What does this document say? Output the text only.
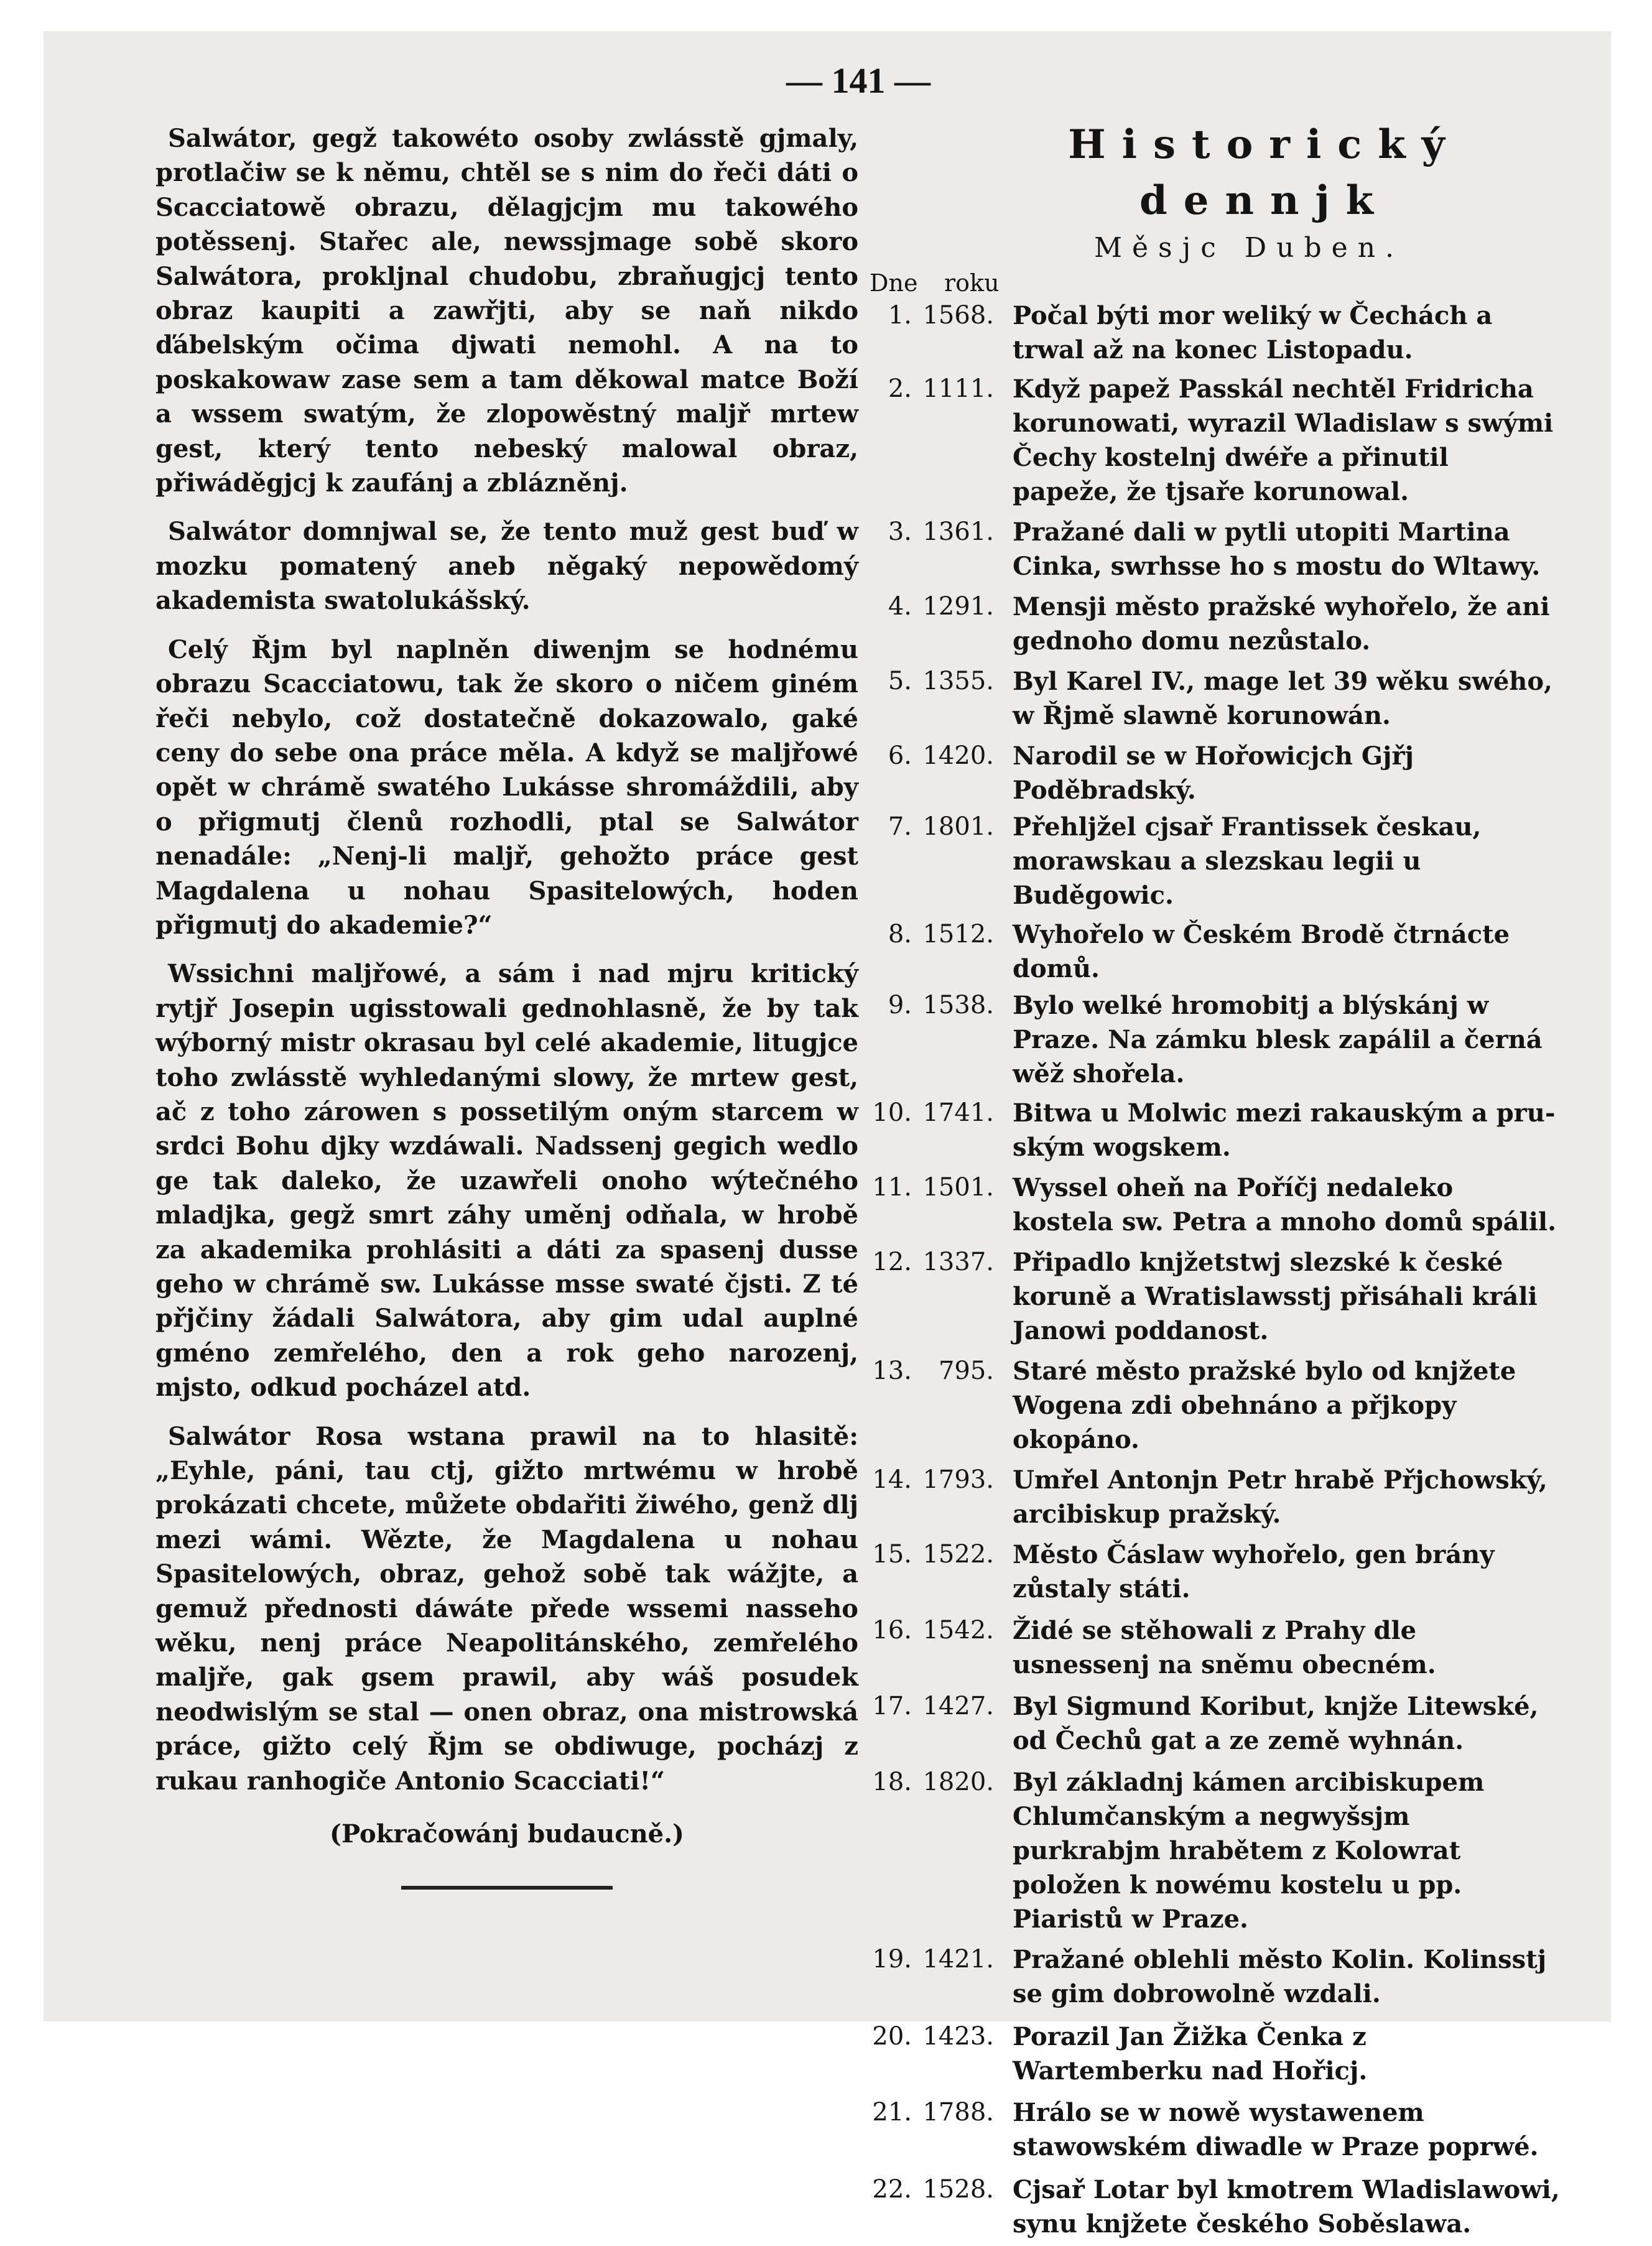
— 141 —

Salwátor, gegž takowéto osoby zwlásstě gjmaly, protlačiw se k němu, chtěl se s nim do řeči dáti o Scacciatowě obrazu, dělagjcjm mu takowého potěssenj. Stařec ale, newssjmage sobě skoro Salwátora, prokljnal chudobu, zbraňugjcj tento obraz kaupiti a zawřjti, aby se naň nikdo ďábelským očima djwati nemohl. A na to poskakowaw zase sem a tam děkowal matce Boží a wssem swatým, že zlopowěstný maljř mrtew gest, který tento nebeský malowal obraz, přiwáděgjcj k zaufánj a zblázněnj.

Salwátor domnjwal se, že tento muž gest buď w mozku pomatený aneb něgaký nepowědomý akademista swatolukášský.

Celý Řjm byl naplněn diwenjm se hodnému obrazu Scacciatowu, tak že skoro o ničem giném řeči nebylo, což dostatečně dokazowalo, gaké ceny do sebe ona práce měla. A když se maljřowé opět w chrámě swatého Lukásse shromáždili, aby o přigmutj členů rozhodli, ptal se Salwátor nenadále: „Nenj-li maljř, gehožto práce gest Magdalena u nohau Spasitelowých, hoden přigmutj do akademie?“

Wssichni maljřowé, a sám i nad mjru kritický rytjř Josepin ugisstowali gednohlasně, že by tak wýborný mistr okrasau byl celé akademie, litugjce toho zwlásstě wyhledanými slowy, že mrtew gest, ač z toho zárowen s possetilým oným starcem w srdci Bohu djky wzdáwali. Nadssenj gegich wedlo ge tak daleko, že uzawřeli onoho wýtečného mladjka, gegž smrt záhy uměnj odňala, w hrobě za akademika prohlásiti a dáti za spasenj dusse geho w chrámě sw. Lukásse msse swaté čjsti. Z té přjčiny žádali Salwátora, aby gim udal auplné gméno zemřelého, den a rok geho narozenj, mjsto, odkud pocházel atd.

Salwátor Rosa wstana prawil na to hlasitě: „Eyhle, páni, tau ctj, gižto mrtwému w hrobě prokázati chcete, můžete obdařiti žiwého, genž dlj mezi wámi. Wězte, že Magdalena u nohau Spasitelowých, obraz, gehož sobě tak wážjte, a gemuž přednosti dáwáte přede wssemi nasseho wěku, nenj práce Neapolitánského, zemřelého maljře, gak gsem prawil, aby wáš posudek neodwislým se stal — onen obraz, ona mistrowská práce, gižto celý Řjm se obdiwuge, pocházj z rukau ranhogiče Antonio Scacciati!“

(Pokračowánj budaucně.)
Historický dennjk
Měsjc Duben.
Dne roku
1. 1568. Počal býti mor weliký w Čechách a trwal až na konec Listopadu.
2. 1111. Když papež Passkál nechtěl Fridricha korunowati, wyrazil Wladislaw s swými Čechy kostelnj dwéře a přinutil papeže, že tjsaře korunowal.
3. 1361. Pražané dali w pytli utopiti Martina Cinka, swrhsse ho s mostu do Wltawy.
4. 1291. Mensji město pražské wyhořelo, že ani gednoho domu nezůstalo.
5. 1355. Byl Karel IV., mage let 39 wěku swého, w Řjmě slawně korunowán.
6. 1420. Narodil se w Hořowicjch Gjřj Poděbradský.
7. 1801. Přehljžel cjsař Frantissek českau, morawskau a slezskau legii u Buděgowic.
8. 1512. Wyhořelo w Českém Brodě čtrnácte domů.
9. 1538. Bylo welké hromobitj a blýskánj w Praze. Na zámku blesk zapálil a černá wěž shořela.
10. 1741. Bitwa u Molwic mezi rakauským a pruským wogskem.
11. 1501. Wyssel oheň na Poříčj nedaleko kostela sw. Petra a mnoho domů spálil.
12. 1337. Připadlo knjžetstwj slezské k české koruně a Wratislawsstj přisáhali králi Janowi poddanost.
13.	795. Staré město pražské bylo od knjžete Wogena zdi obehnáno a přjkopy okopáno.
14. 1793. Umřel Antonjn Petr hrabě Přjchowský, arcibiskup pražský.
15. 1522. Město Čáslaw wyhořelo, gen brány zůstaly státi.
16. 1542. Židé se stěhowali z Prahy dle usnessenj na sněmu obecném.
17. 1427. Byl Sigmund Koribut, knjže Litewské, od Čechů gat a ze země wyhnán.
18. 1820. Byl základnj kámen arcibiskupem Chlumčanským a negwyšsjm purkrabjm hrabětem z Kolowrat položen k nowému kostelu u pp. Piaristů w Praze.
19. 1421. Pražané oblehli město Kolin. Kolinsstj se gim dobrowolně wzdali.
20. 1423. Porazil Jan Žižka Čenka z Wartemberku nad Hořicj.
21. 1788. Hrálo se w nowě wystawenem stawowském diwadle w Praze poprwé.
22. 1528. Cjsař Lotar byl kmotrem Wladislawowi, synu knjžete českého Soběslawa.
